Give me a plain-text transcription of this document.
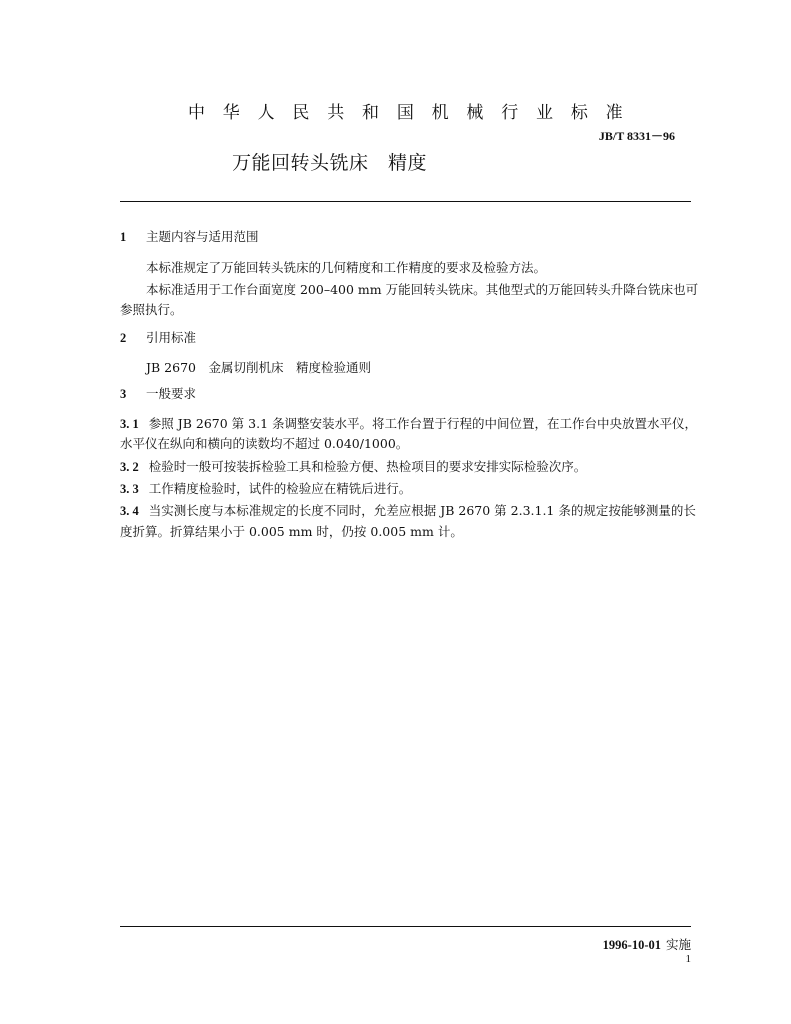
中 华 人 民 共 和 国 机 械 行 业 标 准
JB/T 8331－96
万能回转头铣床　精度
1 主题内容与适用范围
本标准规定了万能回转头铣床的几何精度和工作精度的要求及检验方法。
本标准适用于工作台面宽度 200–400 mm 万能回转头铣床。其他型式的万能回转头升降台铣床也可
参照执行。
2 引用标准
JB 2670　金属切削机床　精度检验通则
3 一般要求
3. 1 参照 JB 2670 第 3.1 条调整安装水平。将工作台置于行程的中间位置，在工作台中央放置水平仪，
水平仪在纵向和横向的读数均不超过 0.040/1000。
3. 2 检验时一般可按装拆检验工具和检验方便、热检项目的要求安排实际检验次序。
3. 3 工作精度检验时，试件的检验应在精铣后进行。
3. 4 当实测长度与本标准规定的长度不同时，允差应根据 JB 2670 第 2.3.1.1 条的规定按能够测量的长
度折算。折算结果小于 0.005 mm 时，仍按 0.005 mm 计。
1996-10-01 实施
1
